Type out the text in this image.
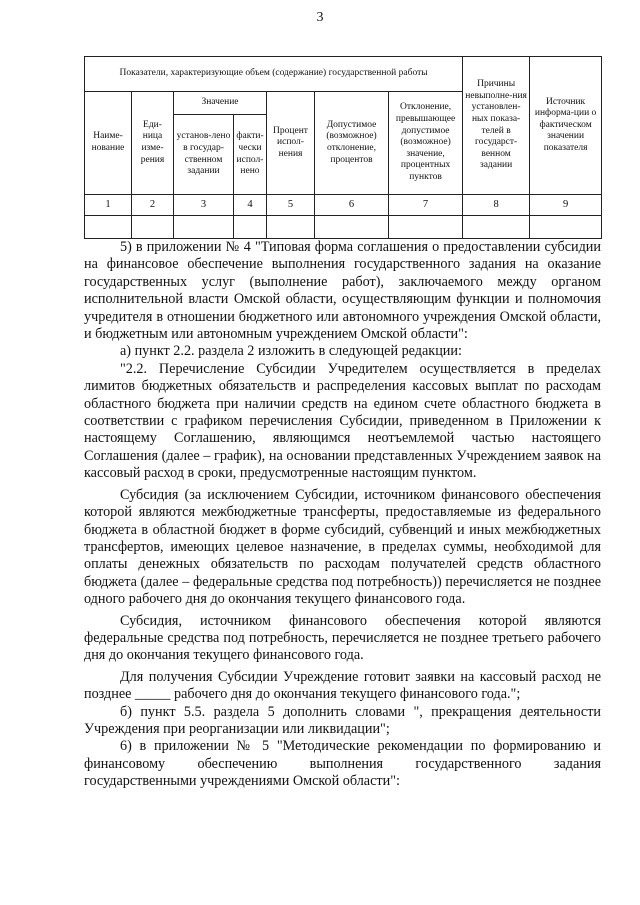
3
Показатели, характеризующие объем (содержание) государственной работы							Причины невыполне-ния установлен-ных показа-телей в государст-венном задании	Источник информа-ции о фактическом значении показателя
Наиме-нование	Еди-ница изме-рения	Значение		Процент испол-нения	Допустимое (возможное) отклонение, процентов	Отклонение, превышающее допустимое (возможное) значение, процентных пунктов		
		установ-лено в государ-ственном задании	факти-чески испол-нено					
1	2	3	4	5	6	7	8	9

5) в приложении № 4 "Типовая форма соглашения о предоставлении субсидии на финансовое обеспечение выполнения государственного задания на оказание государственных услуг (выполнение работ), заключаемого между органом исполнительной власти Омской области, осуществляющим функции и полномочия учредителя в отношении бюджетного или автономного учреждения Омской области, и бюджетным или автономным учреждением Омской области":

а) пункт 2.2. раздела 2 изложить в следующей редакции:

"2.2. Перечисление Субсидии Учредителем осуществляется в пределах лимитов бюджетных обязательств и распределения кассовых выплат по расходам областного бюджета при наличии средств на едином счете областного бюджета в соответствии с графиком перечисления Субсидии, приведенном в Приложении к настоящему Соглашению, являющимся неотъемлемой частью настоящего Соглашения (далее – график), на основании представленных Учреждением заявок на кассовый расход в сроки, предусмотренные настоящим пунктом.

Субсидия (за исключением Субсидии, источником финансового обеспечения которой являются межбюджетные трансферты, предоставляемые из федерального бюджета в областной бюджет в форме субсидий, субвенций и иных межбюджетных трансфертов, имеющих целевое назначение, в пределах суммы, необходимой для оплаты денежных обязательств по расходам получателей средств областного бюджета (далее – федеральные средства под потребность)) перечисляется не позднее одного рабочего дня до окончания текущего финансового года.

Субсидия, источником финансового обеспечения которой являются федеральные средства под потребность, перечисляется не позднее третьего рабочего дня до окончания текущего финансового года.

Для получения Субсидии Учреждение готовит заявки на кассовый расход не позднее _____ рабочего дня до окончания текущего финансового года.";

б) пункт 5.5. раздела 5 дополнить словами ", прекращения деятельности Учреждения при реорганизации или ликвидации";

6) в приложении № 5 "Методические рекомендации по формированию и финансовому обеспечению выполнения государственного задания государственными учреждениями Омской области":
